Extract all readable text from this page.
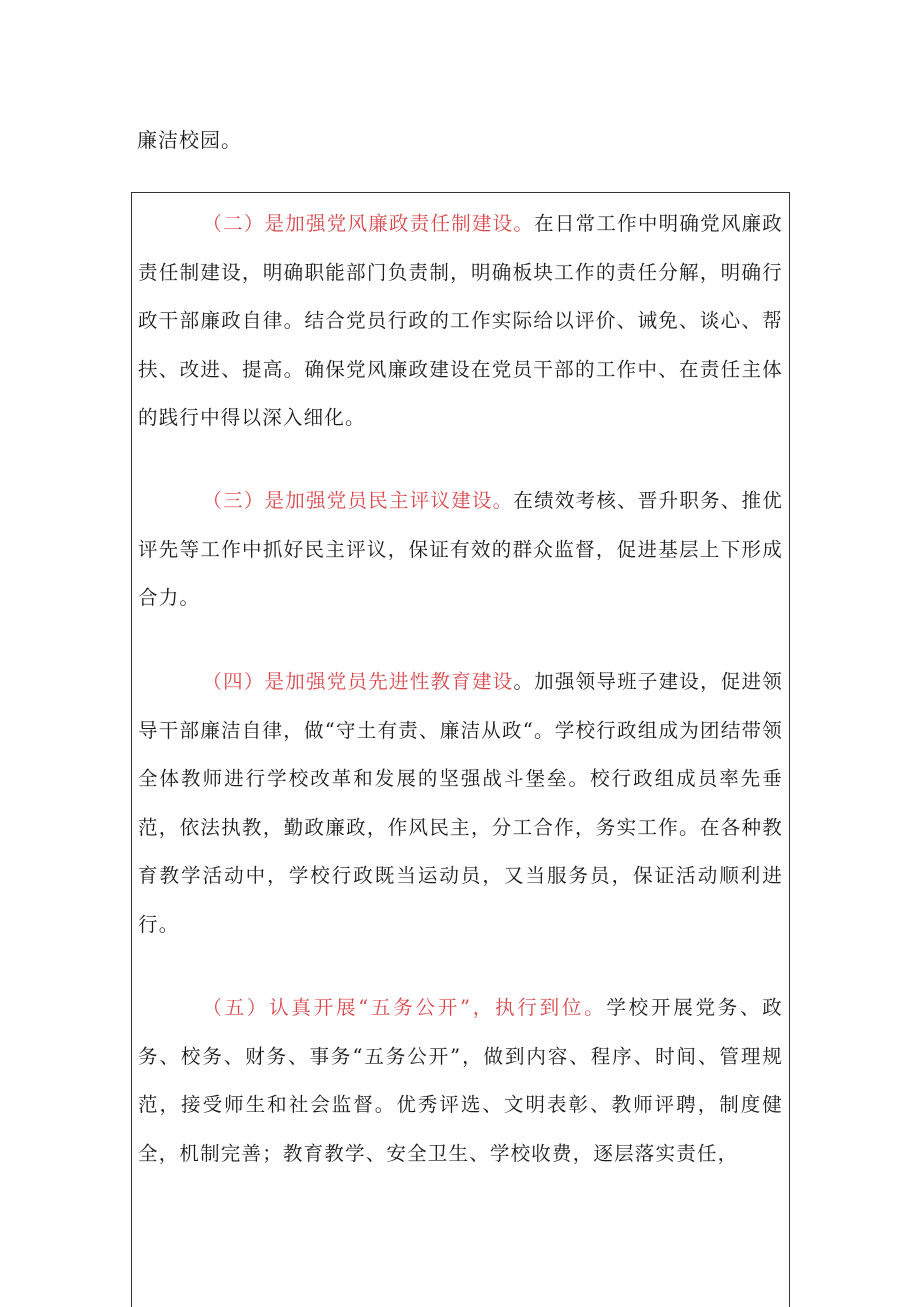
廉洁校园。

（二）是加强党风廉政责任制建设。在日常工作中明确党风廉政责任制建设，明确职能部门负责制，明确板块工作的责任分解，明确行政干部廉政自律。结合党员行政的工作实际给以评价、诫免、谈心、帮扶、改进、提高。确保党风廉政建设在党员干部的工作中、在责任主体的践行中得以深入细化。

（三）是加强党员民主评议建设。在绩效考核、晋升职务、推优评先等工作中抓好民主评议，保证有效的群众监督，促进基层上下形成合力。

（四）是加强党员先进性教育建设。加强领导班子建设，促进领导干部廉洁自律，做“守土有责、廉洁从政“。学校行政组成为团结带领全体教师进行学校改革和发展的坚强战斗堡垒。校行政组成员率先垂范，依法执教，勤政廉政，作风民主，分工合作，务实工作。在各种教育教学活动中，学校行政既当运动员，又当服务员，保证活动顺利进行。

（五）认真开展“五务公开”，执行到位。学校开展党务、政务、校务、财务、事务“五务公开”，做到内容、程序、时间、管理规范，接受师生和社会监督。优秀评选、文明表彰、教师评聘，制度健全，机制完善；教育教学、安全卫生、学校收费，逐层落实责任，
